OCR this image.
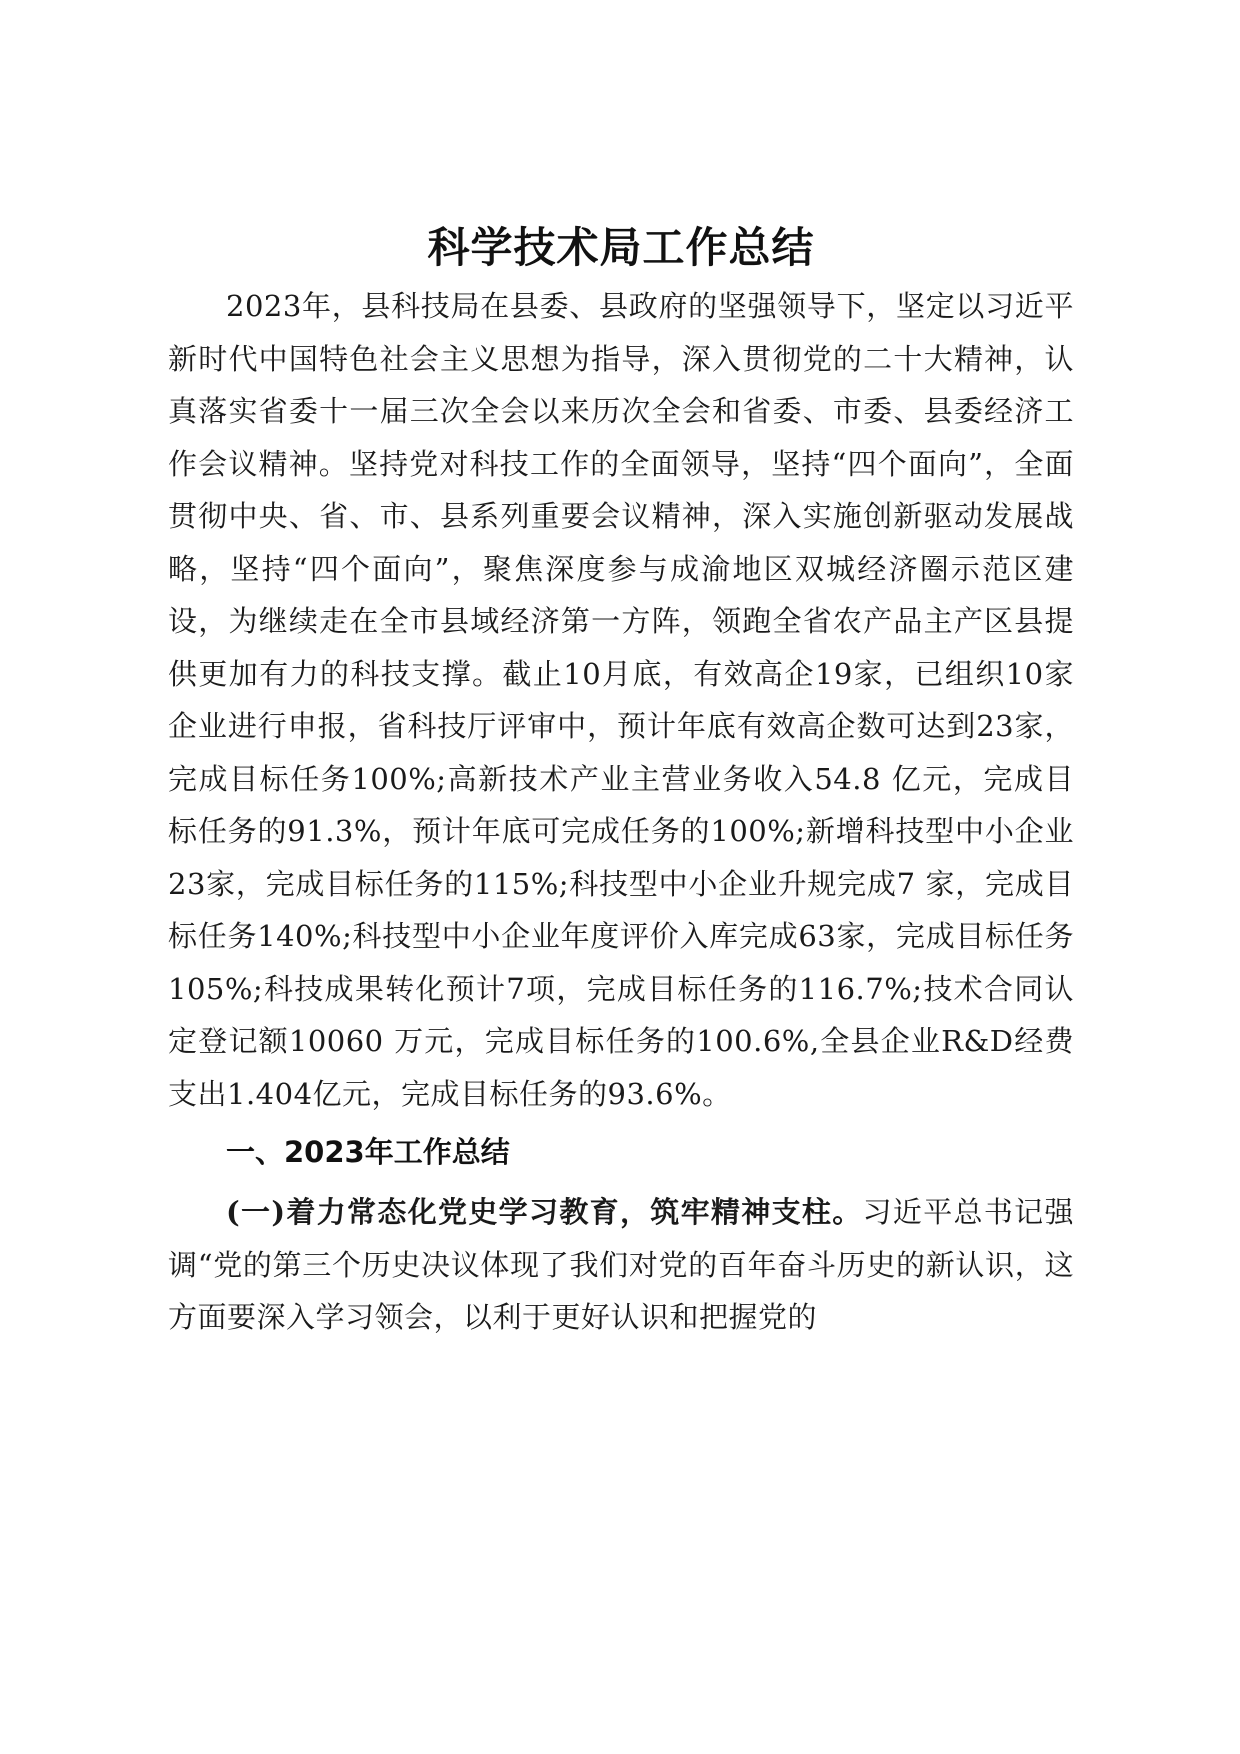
科学技术局工作总结

2023年，县科技局在县委、县政府的坚强领导下，坚定以习近平新时代中国特色社会主义思想为指导，深入贯彻党的二十大精神，认真落实省委十一届三次全会以来历次全会和省委、市委、县委经济工作会议精神。坚持党对科技工作的全面领导，坚持“四个面向”，全面贯彻中央、省、市、县系列重要会议精神，深入实施创新驱动发展战略，坚持“四个面向”，聚焦深度参与成渝地区双城经济圈示范区建设，为继续走在全市县域经济第一方阵，领跑全省农产品主产区县提供更加有力的科技支撑。截止10月底，有效高企19家，已组织10家企业进行申报，省科技厅评审中，预计年底有效高企数可达到23家，完成目标任务100%;高新技术产业主营业务收入54.8 亿元，完成目标任务的91.3%，预计年底可完成任务的100%;新增科技型中小企业23家，完成目标任务的115%;科技型中小企业升规完成7 家，完成目标任务140%;科技型中小企业年度评价入库完成63家，完成目标任务105%;科技成果转化预计7项，完成目标任务的116.7%;技术合同认定登记额10060 万元，完成目标任务的100.6%,全县企业R&D经费支出1.404亿元，完成目标任务的93.6%。

一、2023年工作总结

(一)着力常态化党史学习教育，筑牢精神支柱。习近平总书记强调“党的第三个历史决议体现了我们对党的百年奋斗历史的新认识，这方面要深入学习领会，以利于更好认识和把握党的
